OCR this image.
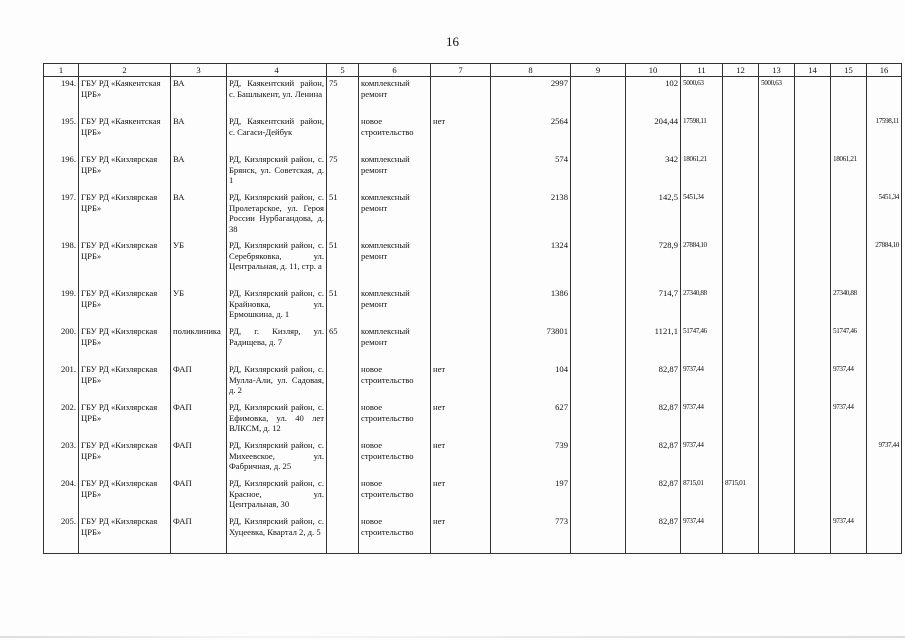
16
1	2	3	4	5	6	7	8	9	10	11	12	13	14	15	16
194.	ГБУ РД «Каякентская ЦРБ»	ВА	РД, Каякентский район, с. Башлыкент, ул. Ленина	75	комплексный ремонт		2997		102	5000,63		5000,63			
195.	ГБУ РД «Каякентская ЦРБ»	ВА	РД, Каякентский район, с. Сагаси-Дейбук		новое строительство	нет	2564		204,44	17598,11					17598,11
196.	ГБУ РД «Кизлярская ЦРБ»	ВА	РД, Кизлярский район, с. Брянск, ул. Советская, д. 1	75	комплексный ремонт		574		342	18061,21				18061,21	
197.	ГБУ РД «Кизлярская ЦРБ»	ВА	РД, Кизлярский район, с. Пролетарское, ул. Героя России Нурбагандова, д. 38	51	комплексный ремонт		2138		142,5	5451,34					5451,34
198.	ГБУ РД «Кизлярская ЦРБ»	УБ	РД, Кизлярский район, с. Серебряковка, ул. Центральная, д. 11, стр. а	51	комплексный ремонт		1324		728,9	27884,10					27884,10
199.	ГБУ РД «Кизлярская ЦРБ»	УБ	РД, Кизлярский район, с. Крайновка, ул. Ермошкина, д. 1	51	комплексный ремонт		1386		714,7	27340,88				27340,88	
200.	ГБУ РД «Кизлярская ЦРБ»	поликлиника	РД, г. Кизляр, ул. Радищева, д. 7	65	комплексный ремонт		73801		1121,1	51747,46				51747,46	
201.	ГБУ РД «Кизлярская ЦРБ»	ФАП	РД, Кизлярский район, с. Мулла-Али, ул. Садовая, д. 2		новое строительство	нет	104		82,87	9737,44				9737,44	
202.	ГБУ РД «Кизлярская ЦРБ»	ФАП	РД, Кизлярский район, с. Ефимовка, ул. 40 лет ВЛКСМ, д. 12		новое строительство	нет	627		82,87	9737,44				9737,44	
203.	ГБУ РД «Кизлярская ЦРБ»	ФАП	РД, Кизлярский район, с. Михеевское, ул. Фабричная, д. 25		новое строительство	нет	739		82,87	9737,44					9737,44
204.	ГБУ РД «Кизлярская ЦРБ»	ФАП	РД, Кизлярский район, с. Красное, ул. Центральная, 30		новое строительство	нет	197		82,87	8715,01	8715,01				
205.	ГБУ РД «Кизлярская ЦРБ»	ФАП	РД, Кизлярский район, с. Хуцеевка, Квартал 2, д. 5		новое строительство	нет	773		82,87	9737,44				9737,44	
